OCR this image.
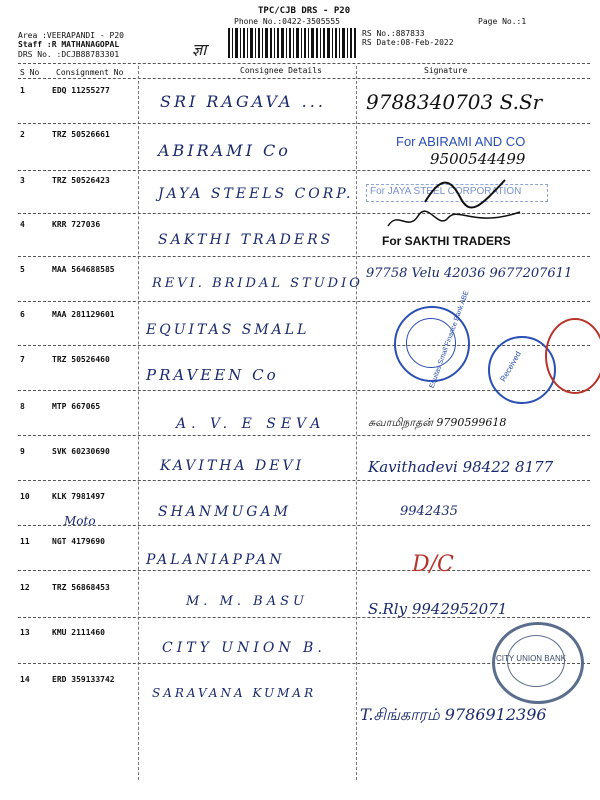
TPC/CJB DRS - P20
Phone No.:0422-3505555	Page No.:1
Area :VEERAPANDI - P20
Staff :R MATHANAGOPAL
DRS No. :DCJB88783301
RS No.:887833
RS Date:08-Feb-2022
ज्ञा
S No Consignment No	Consignee Details	Signature
1	EDQ 11255277
SRI RAGAVA ... 9788340703 S.Sr
2	TRZ 50526661
ABIRAMI Co	For ABIRAMI AND CO
9500544499
3	TRZ 50526423
JAYA STEELS CORP. For JAYA STEEL CORPORATION
4	KRR 727036
SAKTHI TRADERS	For SAKTHI TRADERS
5	MAA 564688585
REVI. BRIDAL STUDIO
97758 Velu 42036 9677207611
6	MAA 281129601
EQUITAS SMALL	Equitas Small Finance Bank ABE
7	TRZ 50526460
PRAVEEN Co	Received
8	MTP 667065
A. V. E SEVA	சுவாமிநாதன் 9790599618
9	SVK 60230690
KAVITHA DEVI	Kavithadevi 98422 8177
10	KLK 7981497
Moto
SHANMUGAM	9942435
11	NGT 4179690
PALANIAPPAN	D/C
12	TRZ 56868453
M. M. BASU	S.Rly 9942952071
13	KMU 2111460
CITY UNION B.
CITY UNION BANK
14	ERD 359133742
SARAVANA KUMAR
T.சிங்காரம் 9786912396
